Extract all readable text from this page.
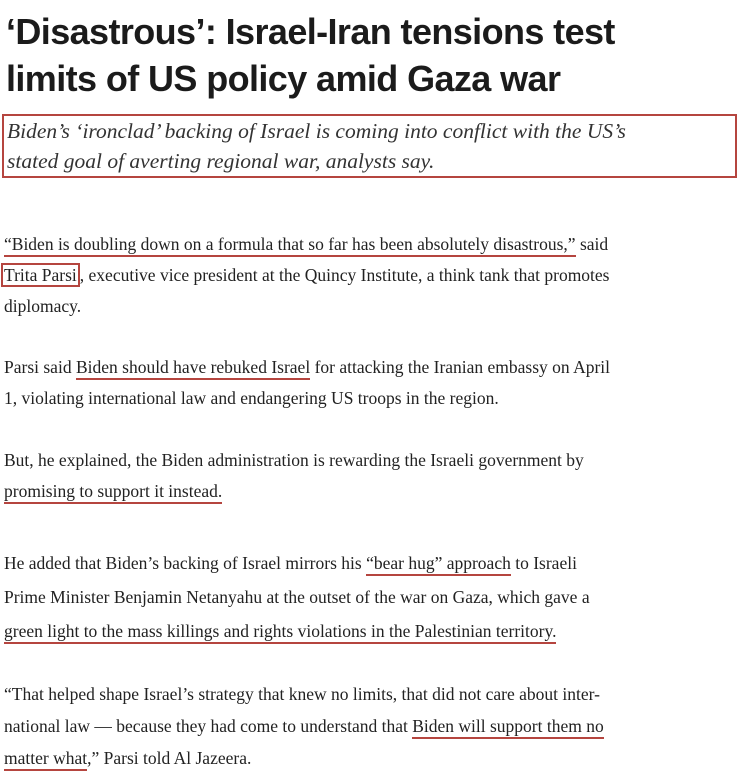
‘Disastrous’: Israel-Iran tensions test
limits of US policy amid Gaza war
Biden’s ‘ironclad’ backing of Israel is coming into conflict with the US’s
stated goal of averting regional war, analysts say.
“Biden is doubling down on a formula that so far has been absolutely disastrous,” said
Trita Parsi , executive vice president at the Quincy Institute, a think tank that promotes
diplomacy.
Parsi said Biden should have rebuked Israel for attacking the Iranian embassy on April
1, violating international law and endangering US troops in the region.
But, he explained, the Biden administration is rewarding the Israeli government by
promising to support it instead.
He added that Biden’s backing of Israel mirrors his “bear hug” approach to Israeli
Prime Minister Benjamin Netanyahu at the outset of the war on Gaza, which gave a
green light to the mass killings and rights violations in the Palestinian territory.
“That helped shape Israel’s strategy that knew no limits, that did not care about inter-
national law — because they had come to understand that Biden will support them no
matter what,” Parsi told Al Jazeera.
